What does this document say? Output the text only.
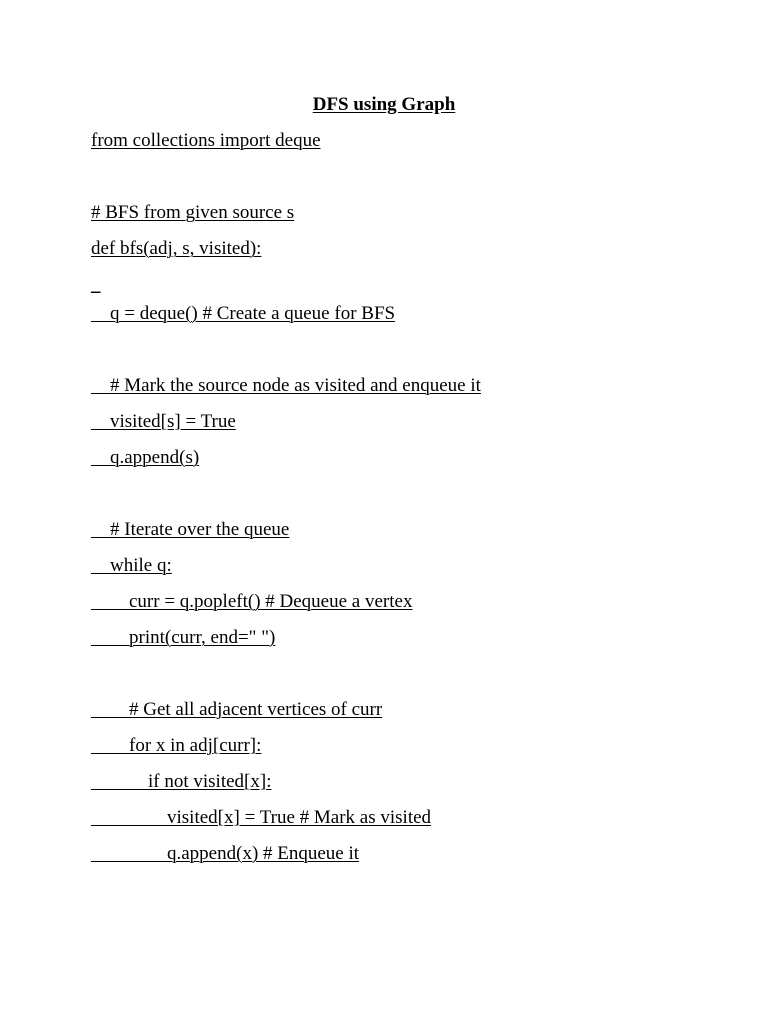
DFS using Graph
from collections import deque
# BFS from given source s
def bfs(adj, s, visited):
_
q = deque() # Create a queue for BFS
# Mark the source node as visited and enqueue it
visited[s] = True
q.append(s)
# Iterate over the queue
while q:
curr = q.popleft() # Dequeue a vertex
print(curr, end=" ")
# Get all adjacent vertices of curr
for x in adj[curr]:
if not visited[x]:
visited[x] = True # Mark as visited
q.append(x) # Enqueue it
